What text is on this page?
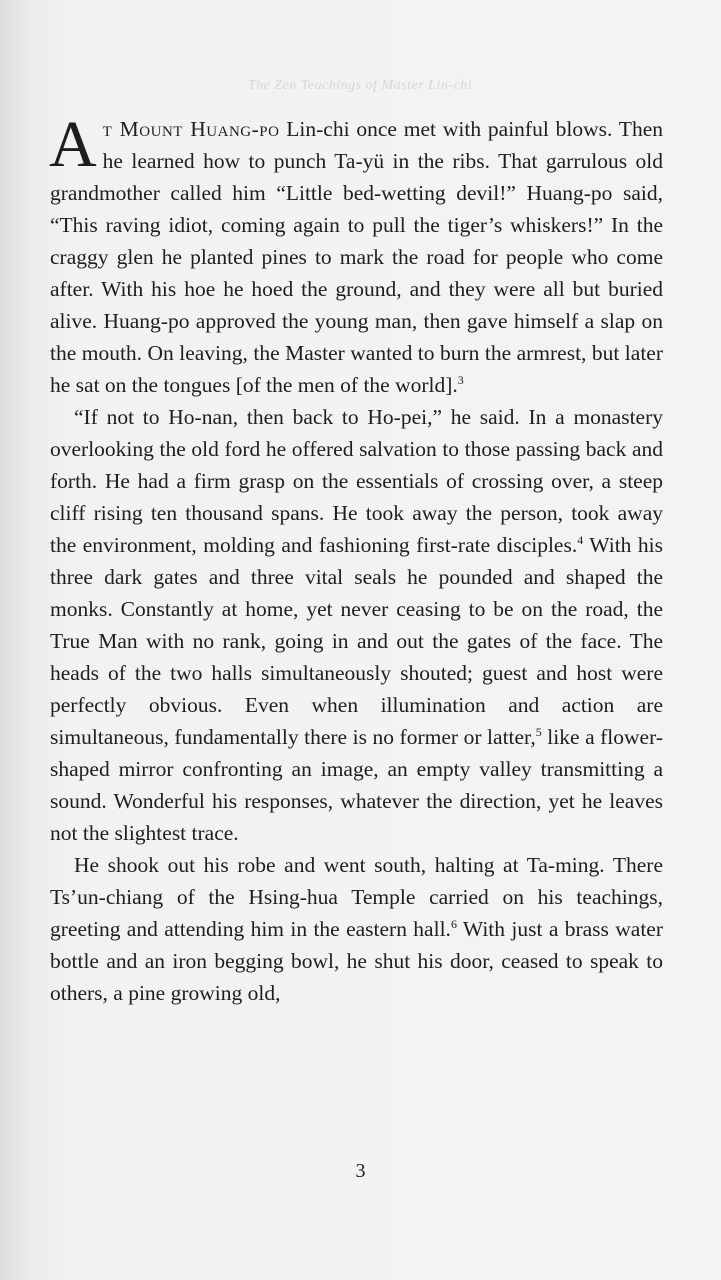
The Zen Teachings of Master Lin-chi

At Mount Huang-po Lin-chi once met with painful blows. Then he learned how to punch Ta-yü in the ribs. That garrulous old grandmother called him “Little bed-wetting devil!” Huang-po said, “This raving idiot, coming again to pull the tiger’s whiskers!” In the craggy glen he planted pines to mark the road for people who come after. With his hoe he hoed the ground, and they were all but buried alive. Huang-po approved the young man, then gave himself a slap on the mouth. On leaving, the Master wanted to burn the armrest, but later he sat on the tongues [of the men of the world].$^3$

“If not to Ho-nan, then back to Ho-pei,” he said. In a monastery overlooking the old ford he offered salvation to those passing back and forth. He had a firm grasp on the essentials of crossing over, a steep cliff rising ten thousand spans. He took away the person, took away the environment, molding and fashioning first-rate disciples.$^4$ With his three dark gates and three vital seals he pounded and shaped the monks. Constantly at home, yet never ceasing to be on the road, the True Man with no rank, going in and out the gates of the face. The heads of the two halls simultaneously shouted; guest and host were perfectly obvious. Even when illumination and action are simultaneous, fundamentally there is no former or latter,$^5$ like a flower-shaped mirror confronting an image, an empty valley transmitting a sound. Wonderful his responses, whatever the direction, yet he leaves not the slightest trace.

He shook out his robe and went south, halting at Ta-ming. There Ts’un-chiang of the Hsing-hua Temple carried on his teachings, greeting and attending him in the eastern hall.$^6$ With just a brass water bottle and an iron begging bowl, he shut his door, ceased to speak to others, a pine growing old,

3
